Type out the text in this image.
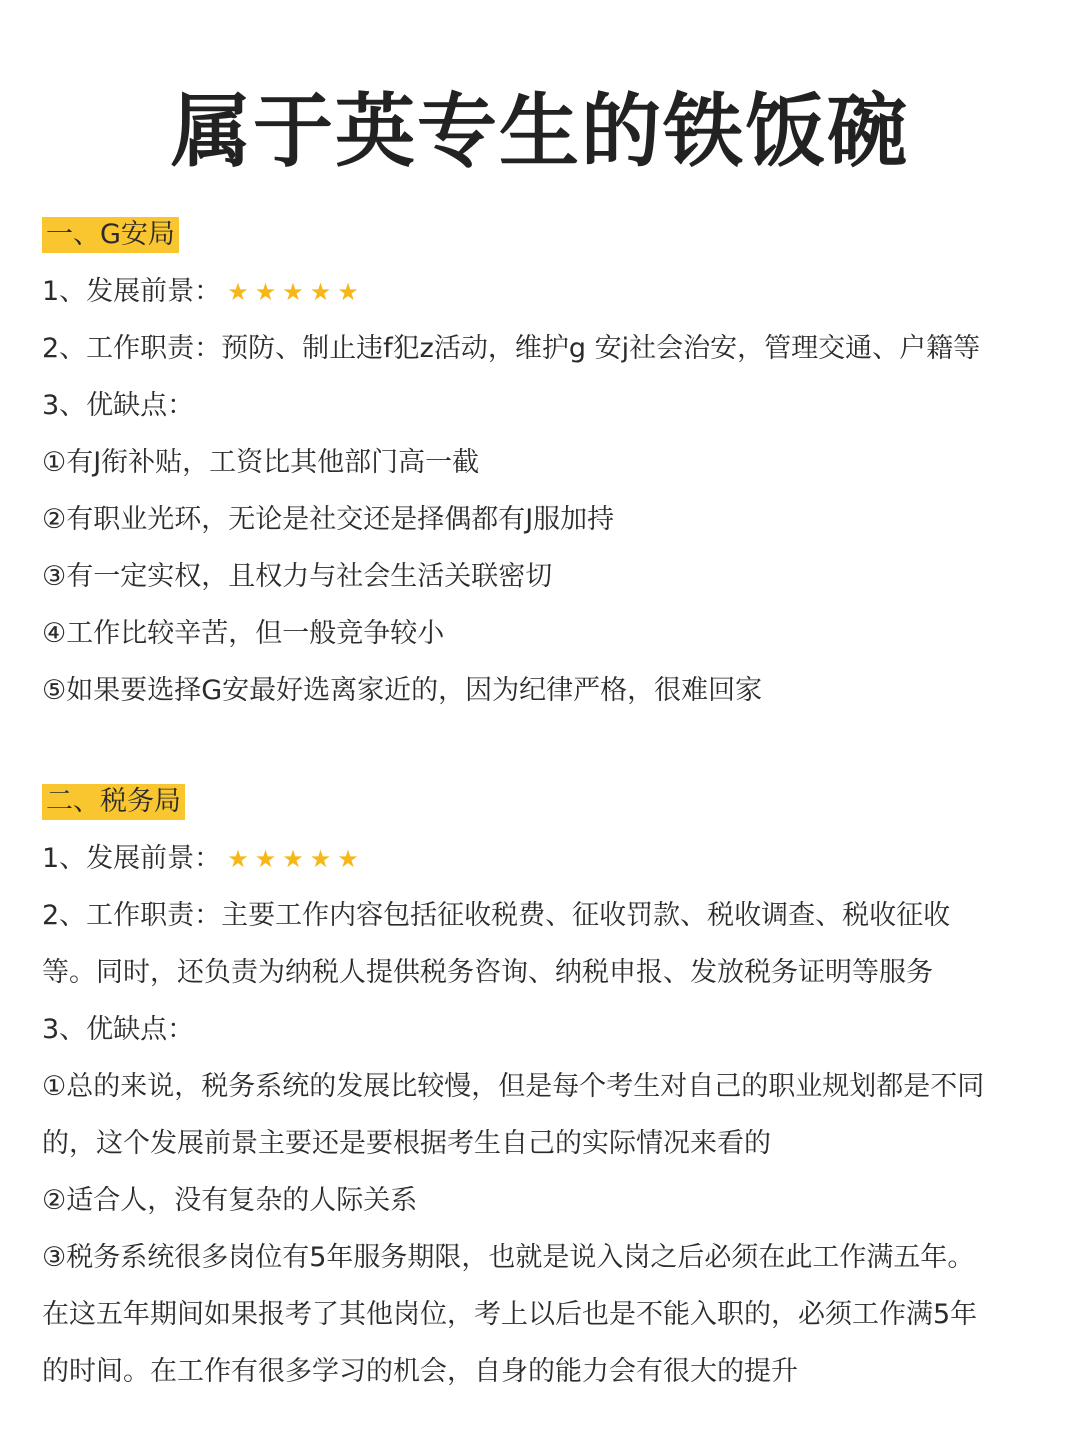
属于英专生的铁饭碗
一、G安局
1、发展前景： ★★★★★
2、工作职责：预防、制止违f犯z活动，维护g 安j社会治安，管理交通、户籍等
3、优缺点：
①有J衔补贴，工资比其他部门高一截
②有职业光环，无论是社交还是择偶都有J服加持
③有一定实权，且权力与社会生活关联密切
④工作比较辛苦，但一般竞争较小
⑤如果要选择G安最好选离家近的，因为纪律严格，很难回家
二、税务局
1、发展前景： ★★★★★
2、工作职责：主要工作内容包括征收税费、征收罚款、税收调查、税收征收
等。同时，还负责为纳税人提供税务咨询、纳税申报、发放税务证明等服务
3、优缺点：
①总的来说，税务系统的发展比较慢，但是每个考生对自己的职业规划都是不同
的，这个发展前景主要还是要根据考生自己的实际情况来看的
②适合人，没有复杂的人际关系
③税务系统很多岗位有5年服务期限，也就是说入岗之后必须在此工作满五年。
在这五年期间如果报考了其他岗位，考上以后也是不能入职的，必须工作满5年
的时间。在工作有很多学习的机会，自身的能力会有很大的提升
